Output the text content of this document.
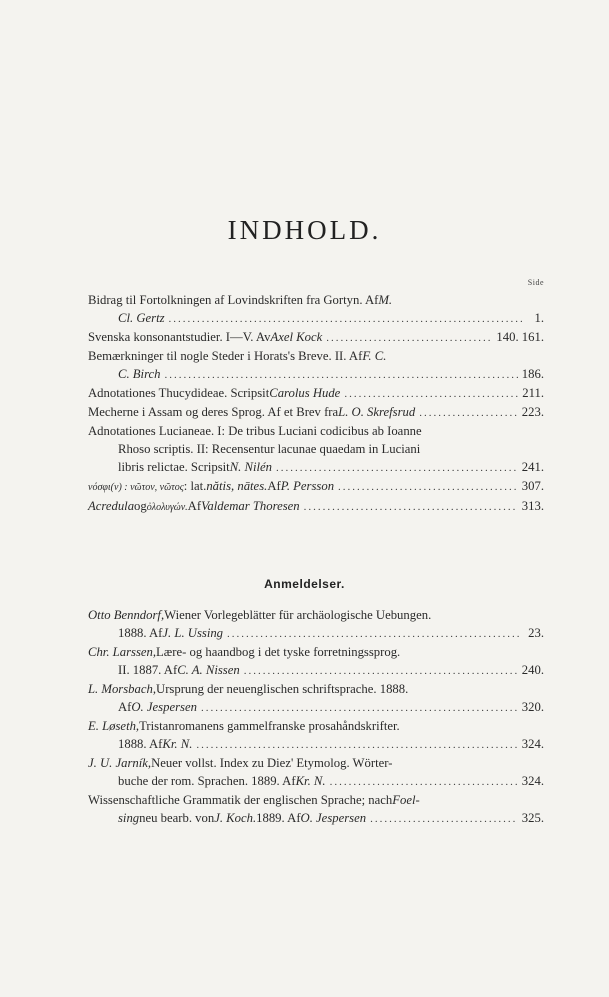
INDHOLD.
Side
Bidrag til Fortolkningen af Lovindskriften fra Gortyn. Af M.
Cl. Gertz .....	1.
Svenska konsonantstudier. I—V. Av Axel Kock .....	140. 161.
Bemærkninger til nogle Steder i Horats's Breve. II. Af F. C.
C. Birch .....	186.
Adnotationes Thucydideae. Scripsit Carolus Hude .....	211.
Mecherne i Assam og deres Sprog. Af et Brev fra L. O. Skrefsrud .....	223.
Adnotationes Lucianeae. I: De tribus Luciani codicibus ab Ioanne
Rhoso scriptis. II: Recensentur lacunae quaedam in Luciani
libris relictae. Scripsit N. Nilén .....	241.
νόσφι(ν) : νῶτον, νῶτος : lat. nătis, nātes. Af P. Persson .....	307.
Acredula og ὀλολυγών. Af Valdemar Thoresen .....	313.
Anmeldelser.
Otto Benndorf, Wiener Vorlegeblätter für archäologische Uebungen.
1888. Af J. L. Ussing .....	23.
Chr. Larssen, Lære- og haandbog i det tyske forretningssprog.
II. 1887. Af C. A. Nissen .....	240.
L. Morsbach, Ursprung der neuenglischen schriftsprache. 1888.
Af O. Jespersen .....	320.
E. Løseth, Tristanromanens gammelfranske prosahåndskrifter.
1888. Af Kr. N. .....	324.
J. U. Jarník, Neuer vollst. Index zu Diez' Etymolog. Wörter-
buche der rom. Sprachen. 1889. Af Kr. N. .....	324.
Wissenschaftliche Grammatik der englischen Sprache; nach Foel-
sing neu bearb. von J. Koch. 1889. Af O. Jespersen .....	325.
